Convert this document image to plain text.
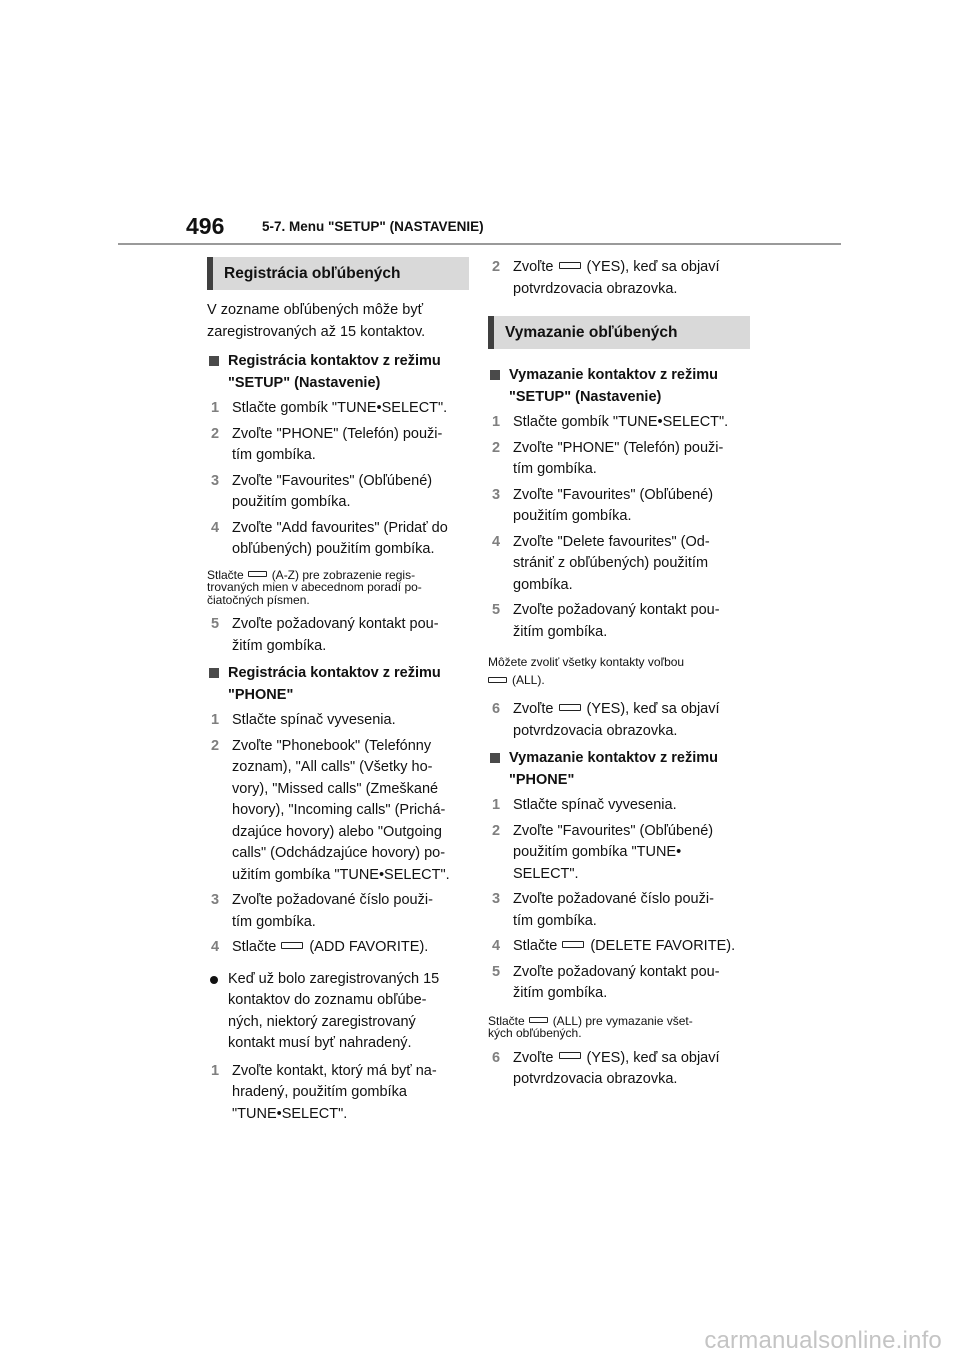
496	5-7. Menu "SETUP" (NASTAVENIE)
Registrácia obľúbených

V zozname obľúbených môže byť
zaregistrovaných až 15 kontaktov.

Registrácia kontaktov z režimu
"SETUP" (Nastavenie)

1 Stlačte gombík "TUNE•SELECT".

2 Zvoľte "PHONE" (Telefón) použi-
tím gombíka.

3 Zvoľte "Favourites" (Obľúbené)
použitím gombíka.

4 Zvoľte "Add favourites" (Pridať do
obľúbených) použitím gombíka.

Stlačte (A-Z) pre zobrazenie regis-
trovaných mien v abecednom poradí po-
čiatočných písmen.

5 Zvoľte požadovaný kontakt pou-
žitím gombíka.

Registrácia kontaktov z režimu
"PHONE"

1 Stlačte spínač vyvesenia.

2 Zvoľte "Phonebook" (Telefónny
zoznam), "All calls" (Všetky ho-
vory), "Missed calls" (Zmeškané
hovory), "Incoming calls" (Prichá-
dzajúce hovory) alebo "Outgoing
calls" (Odchádzajúce hovory) po-
užitím gombíka "TUNE•SELECT".

3 Zvoľte požadované číslo použi-
tím gombíka.

4 Stlačte (ADD FAVORITE).

Keď už bolo zaregistrovaných 15
kontaktov do zoznamu obľúbe-
ných, niektorý zaregistrovaný
kontakt musí byť nahradený.

1 Zvoľte kontakt, ktorý má byť na-
hradený, použitím gombíka
"TUNE•SELECT".

2 Zvoľte (YES), keď sa objaví
potvrdzovacia obrazovka.

Vymazanie obľúbených

Vymazanie kontaktov z režimu
"SETUP" (Nastavenie)

1 Stlačte gombík "TUNE•SELECT".

2 Zvoľte "PHONE" (Telefón) použi-
tím gombíka.

3 Zvoľte "Favourites" (Obľúbené)
použitím gombíka.

4 Zvoľte "Delete favourites" (Od-
strániť z obľúbených) použitím
gombíka.

5 Zvoľte požadovaný kontakt pou-
žitím gombíka.

Môžete zvoliť všetky kontakty voľbou
(ALL).

6 Zvoľte (YES), keď sa objaví
potvrdzovacia obrazovka.

Vymazanie kontaktov z režimu
"PHONE"

1 Stlačte spínač vyvesenia.

2 Zvoľte "Favourites" (Obľúbené)
použitím gombíka "TUNE•
SELECT".

3 Zvoľte požadované číslo použi-
tím gombíka.

4 Stlačte (DELETE FAVORITE).

5 Zvoľte požadovaný kontakt pou-
žitím gombíka.

Stlačte (ALL) pre vymazanie všet-
kých obľúbených.

6 Zvoľte (YES), keď sa objaví
potvrdzovacia obrazovka.

carmanualsonline.info
